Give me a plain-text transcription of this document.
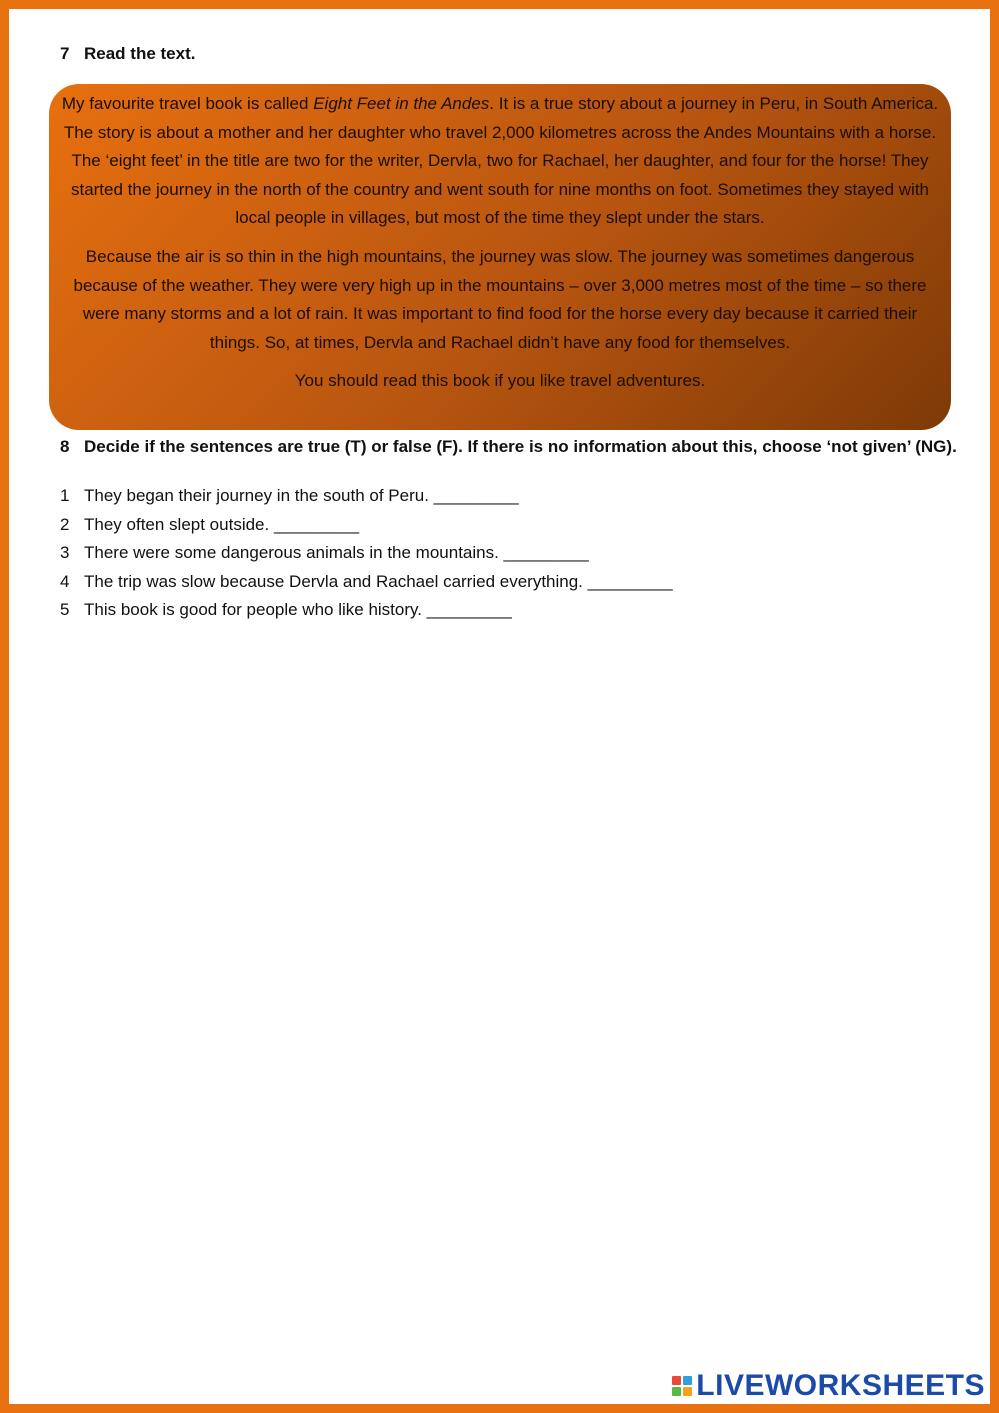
7 Read the text.

My favourite travel book is called Eight Feet in the Andes. It is a true story about a journey in Peru, in South America. The story is about a mother and her daughter who travel 2,000 kilometres across the Andes Mountains with a horse. The ‘eight feet’ in the title are two for the writer, Dervla, two for Rachael, her daughter, and four for the horse! They started the journey in the north of the country and went south for nine months on foot. Sometimes they stayed with local people in villages, but most of the time they slept under the stars.

Because the air is so thin in the high mountains, the journey was slow. The journey was sometimes dangerous because of the weather. They were very high up in the mountains – over 3,000 metres most of the time – so there were many storms and a lot of rain. It was important to find food for the horse every day because it carried their things. So, at times, Dervla and Rachael didn’t have any food for themselves.

You should read this book if you like travel adventures.

8 Decide if the sentences are true (T) or false (F). If there is no information about this, choose ‘not given’ (NG).
1 They began their journey in the south of Peru. _________
2 They often slept outside. _________
3 There were some dangerous animals in the mountains. _________
4 The trip was slow because Dervla and Rachael carried everything. _________
5 This book is good for people who like history. _________
LIVEWORKSHEETS
